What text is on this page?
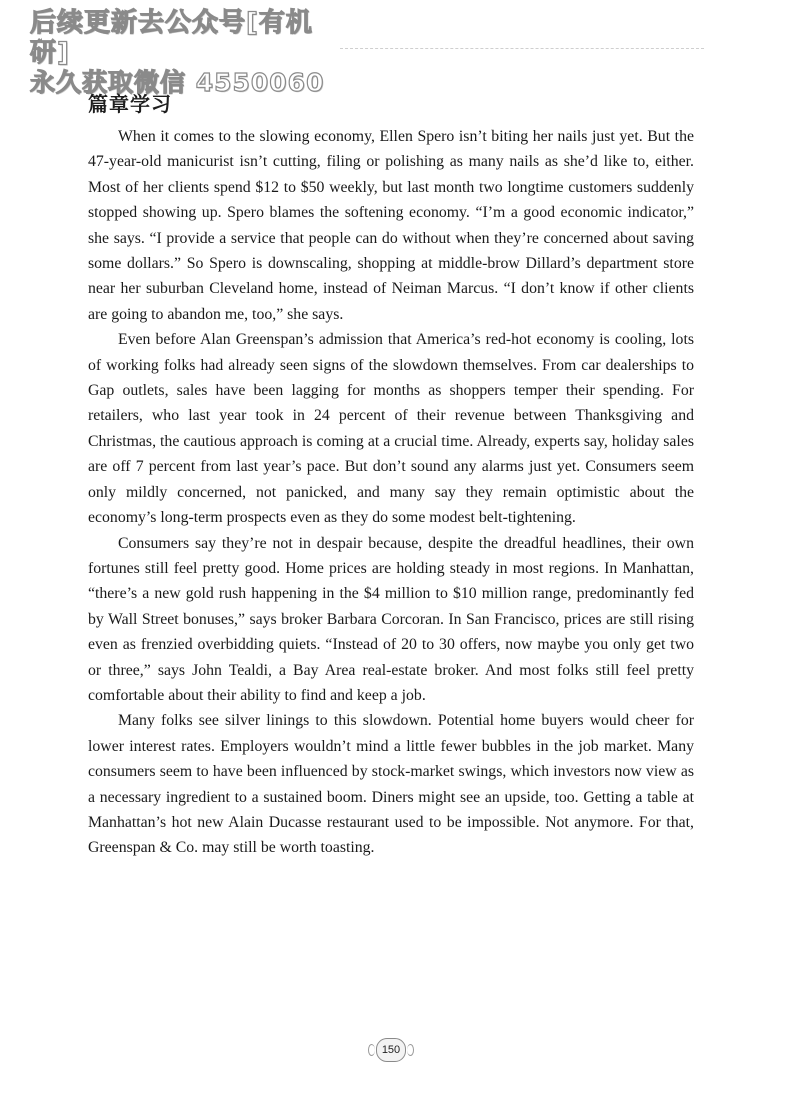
后续更新去公众号[有机研]
永久获取微信 4550060
篇章学习

When it comes to the slowing economy, Ellen Spero isn’t biting her nails just yet. But the 47-year-old manicurist isn’t cutting, filing or polishing as many nails as she’d like to, either. Most of her clients spend $12 to $50 weekly, but last month two longtime customers suddenly stopped showing up. Spero blames the softening economy. “I’m a good economic indicator,” she says. “I provide a service that people can do without when they’re concerned about saving some dollars.” So Spero is downscaling, shopping at middle-brow Dillard’s department store near her suburban Cleveland home, instead of Neiman Marcus. “I don’t know if other clients are going to abandon me, too,” she says.

Even before Alan Greenspan’s admission that America’s red-hot economy is cooling, lots of working folks had already seen signs of the slowdown themselves. From car dealerships to Gap outlets, sales have been lagging for months as shoppers temper their spending. For retailers, who last year took in 24 percent of their revenue between Thanksgiving and Christmas, the cautious approach is coming at a crucial time. Already, experts say, holiday sales are off 7 percent from last year’s pace. But don’t sound any alarms just yet. Consumers seem only mildly concerned, not panicked, and many say they remain optimistic about the economy’s long-term prospects even as they do some modest belt-tightening.

Consumers say they’re not in despair because, despite the dreadful headlines, their own fortunes still feel pretty good. Home prices are holding steady in most regions. In Manhattan, “there’s a new gold rush happening in the $4 million to $10 million range, predominantly fed by Wall Street bonuses,” says broker Barbara Corcoran. In San Francisco, prices are still rising even as frenzied overbidding quiets. “Instead of 20 to 30 offers, now maybe you only get two or three,” says John Tealdi, a Bay Area real-estate broker. And most folks still feel pretty comfortable about their ability to find and keep a job.

Many folks see silver linings to this slowdown. Potential home buyers would cheer for lower interest rates. Employers wouldn’t mind a little fewer bubbles in the job market. Many consumers seem to have been influenced by stock-market swings, which investors now view as a necessary ingredient to a sustained boom. Diners might see an upside, too. Getting a table at Manhattan’s hot new Alain Ducasse restaurant used to be impossible. Not anymore. For that, Greenspan & Co. may still be worth toasting.

150
